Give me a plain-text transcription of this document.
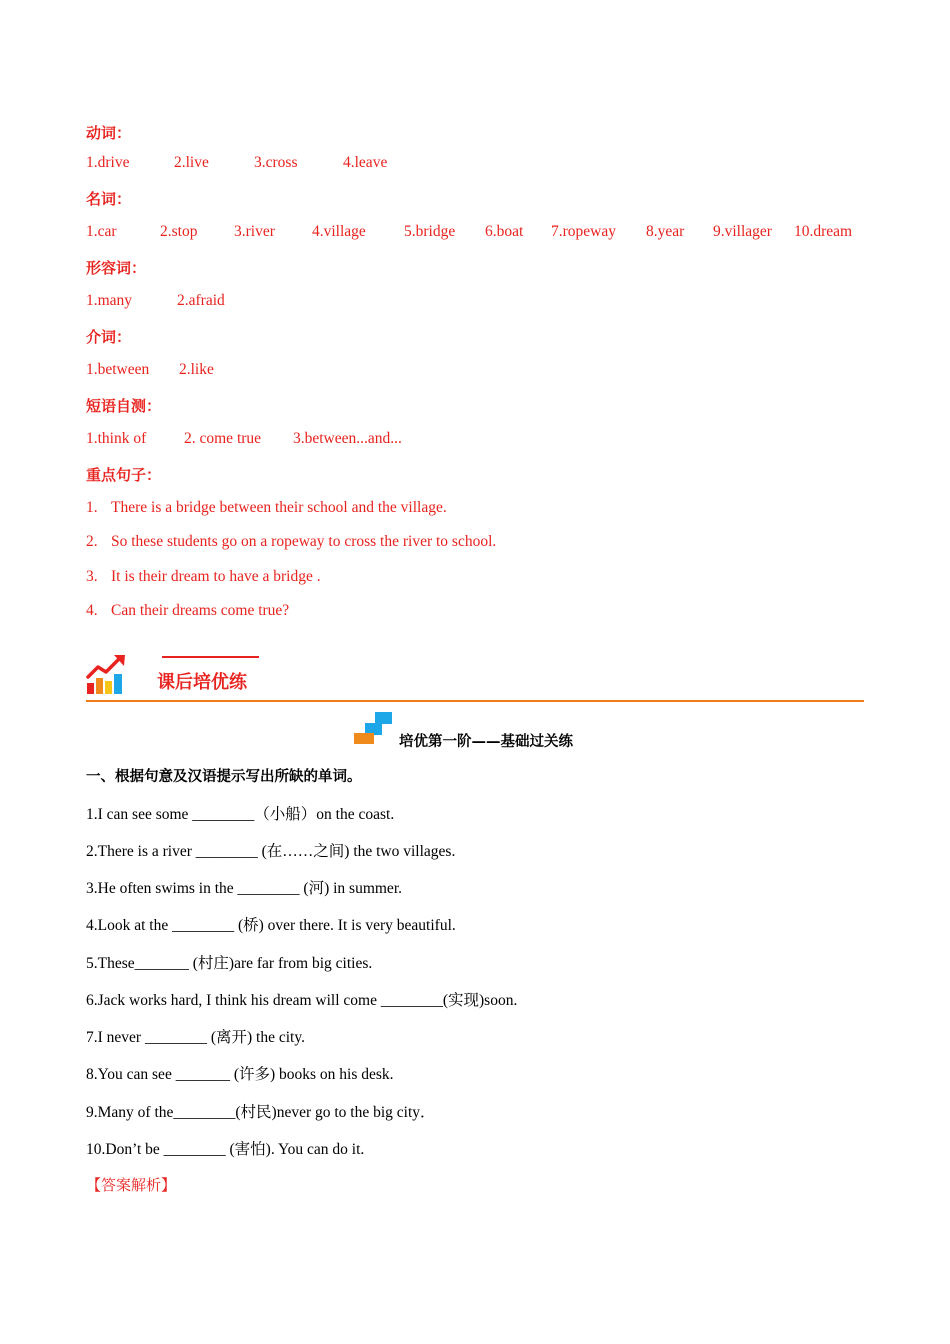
动词：
1.drive	2.live	3.cross	4.leave
名词：
1.car	2.stop 3.river 4.village 5.bridge 6.boat 7.ropeway 8.year 9.villager 10.dream
形容词：
1.many	2.afraid
介词：
1.between 2.like
短语自测：
1.think of 2. come true 3.between...and...
重点句子：
1. There is a bridge between their school and the village.
2. So these students go on a ropeway to cross the river to school.
3. It is their dream to have a bridge .
4. Can their dreams come true?
课后培优练
培优第一阶——基础过关练
一、根据句意及汉语提示写出所缺的单词。
1.I can see some ________（小船）on the coast.
2.There is a river ________ (在……之间) the two villages.
3.He often swims in the ________ (河) in summer.
4.Look at the ________ (桥) over there. It is very beautiful.
5.These_______ (村庄)are far from big cities.
6.Jack works hard, I think his dream will come ________(实现)soon.
7.I never ________ (离开) the city.
8.You can see _______ (许多) books on his desk.
9.Many of the________(村民)never go to the big city．
10.Don’t be ________ (害怕). You can do it.
【答案解析】
